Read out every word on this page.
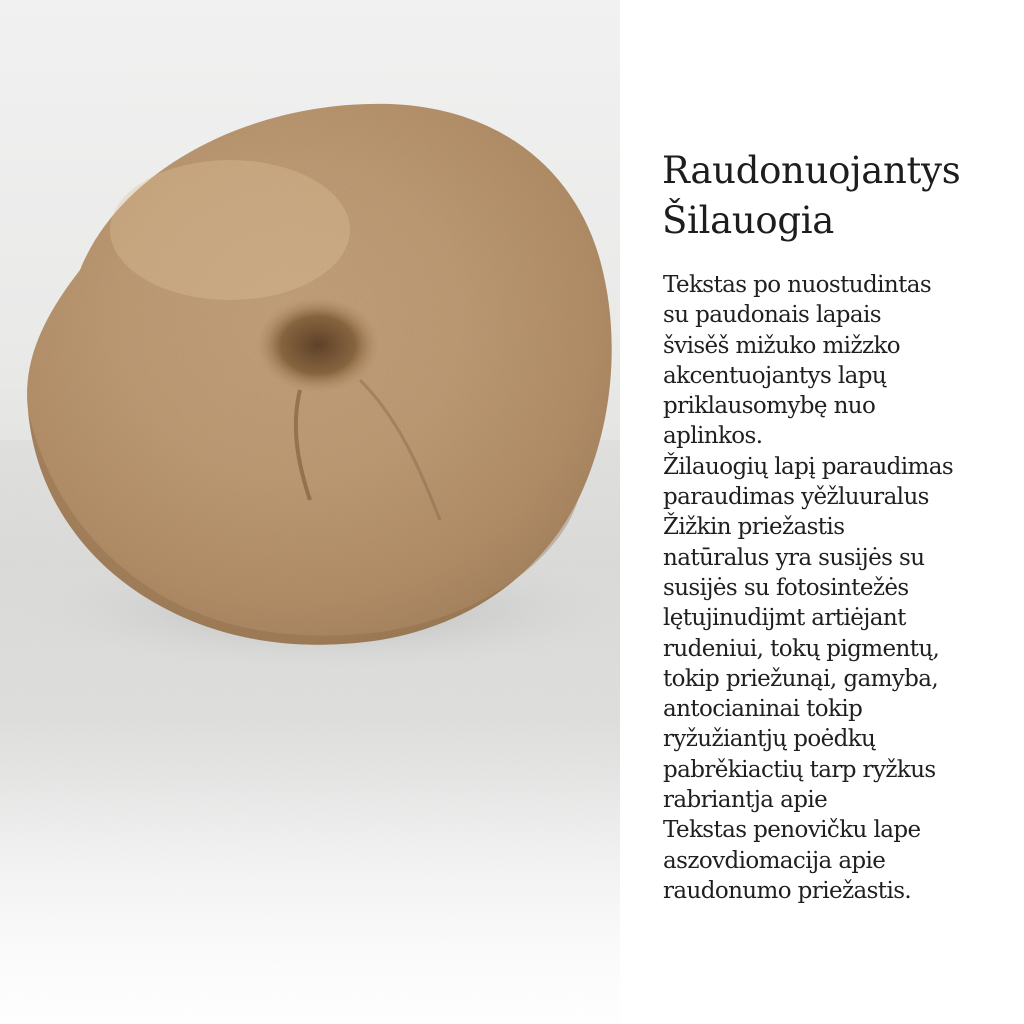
Raudonuojantys
Šilauogia

Tekstas po nuostudintas
su paudonais lapais
švisěš mižuko mižzko
akcentuojantys lapų
priklausomybę nuo
aplinkos.
Žilauogių lapį paraudimas
paraudimas yěžluuralus
Žižkin priežastis
natūralus yra susijės su
susijės su fotosintežės
lętujinudijmt artiėjant
rudeniui, tokų pigmentų,
tokip priežunąi, gamyba,
antocianinai tokip
ryžužiantjų poėdkų
pabrěkiactių tarp ryžkus
rabriantja apie
Tekstas penovičku lape
aszovdiomacija apie
raudonumo priežastis.
